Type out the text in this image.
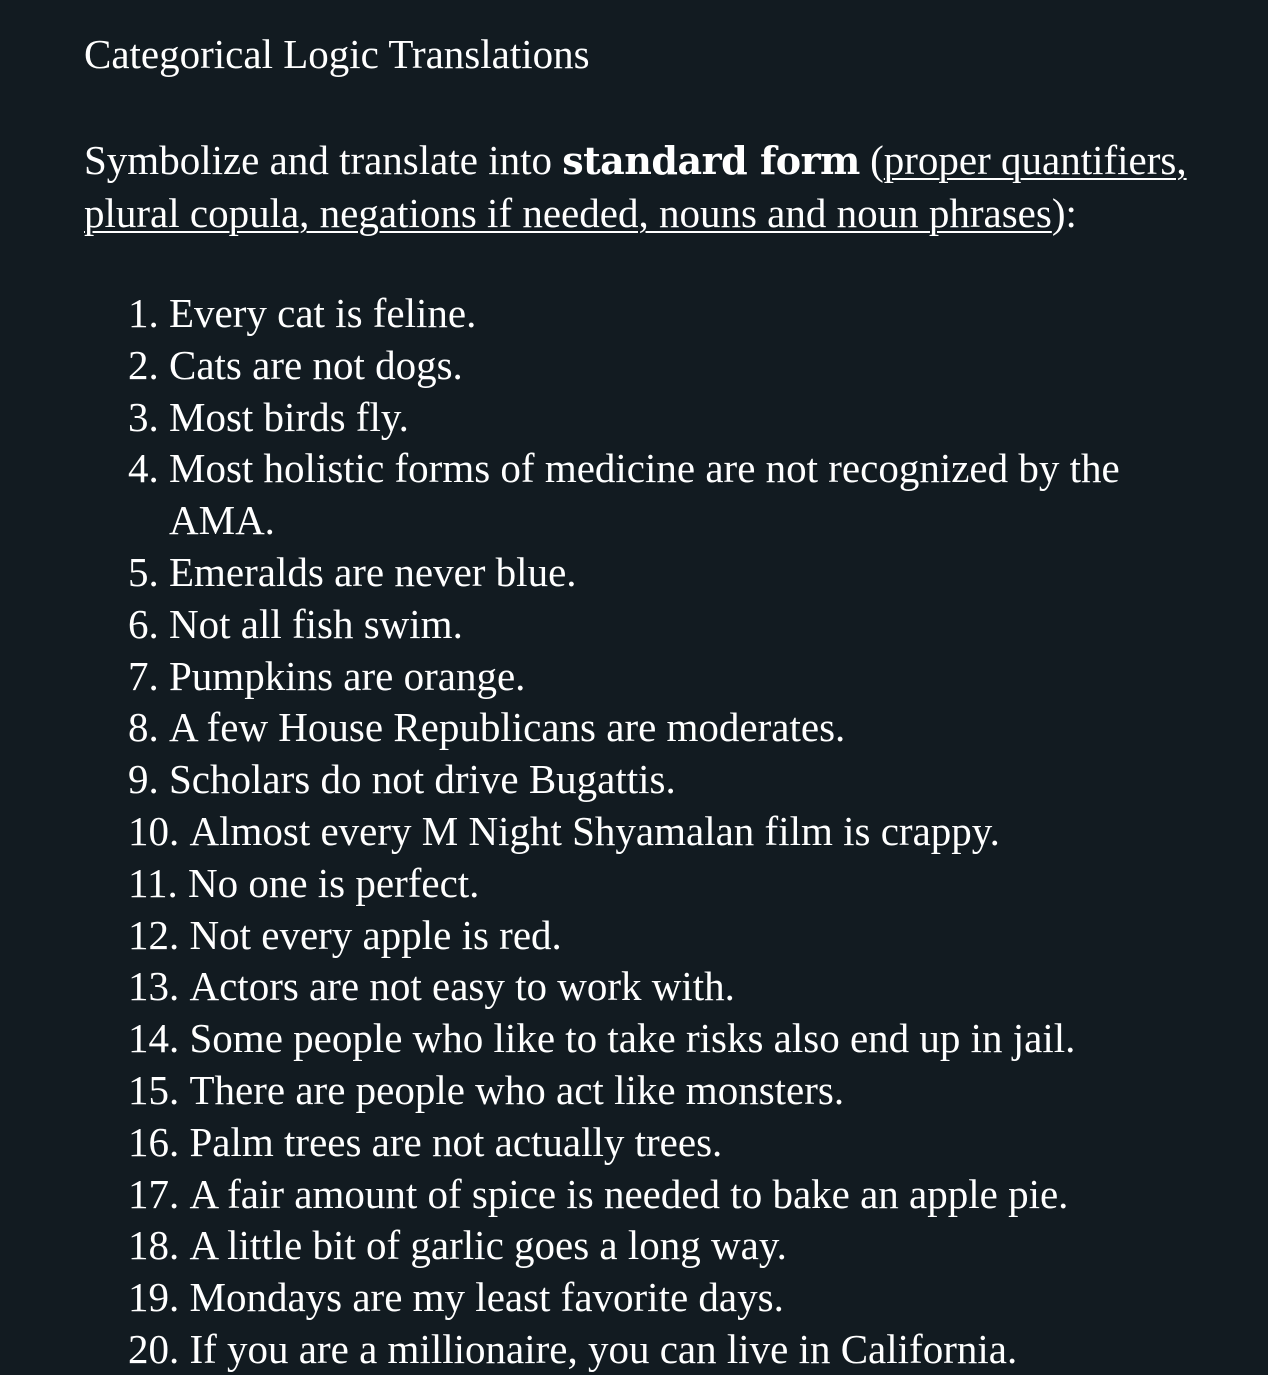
Categorical Logic Translations

Symbolize and translate into standard form (proper quantifiers, plural copula, negations if needed, nouns and noun phrases):

1. Every cat is feline.
2. Cats are not dogs.
3. Most birds fly.
4. Most holistic forms of medicine are not recognized by the AMA.
5. Emeralds are never blue.
6. Not all fish swim.
7. Pumpkins are orange.
8. A few House Republicans are moderates.
9. Scholars do not drive Bugattis.
10. Almost every M Night Shyamalan film is crappy.
11. No one is perfect.
12. Not every apple is red.
13. Actors are not easy to work with.
14. Some people who like to take risks also end up in jail.
15. There are people who act like monsters.
16. Palm trees are not actually trees.
17. A fair amount of spice is needed to bake an apple pie.
18. A little bit of garlic goes a long way.
19. Mondays are my least favorite days.
20. If you are a millionaire, you can live in California.
